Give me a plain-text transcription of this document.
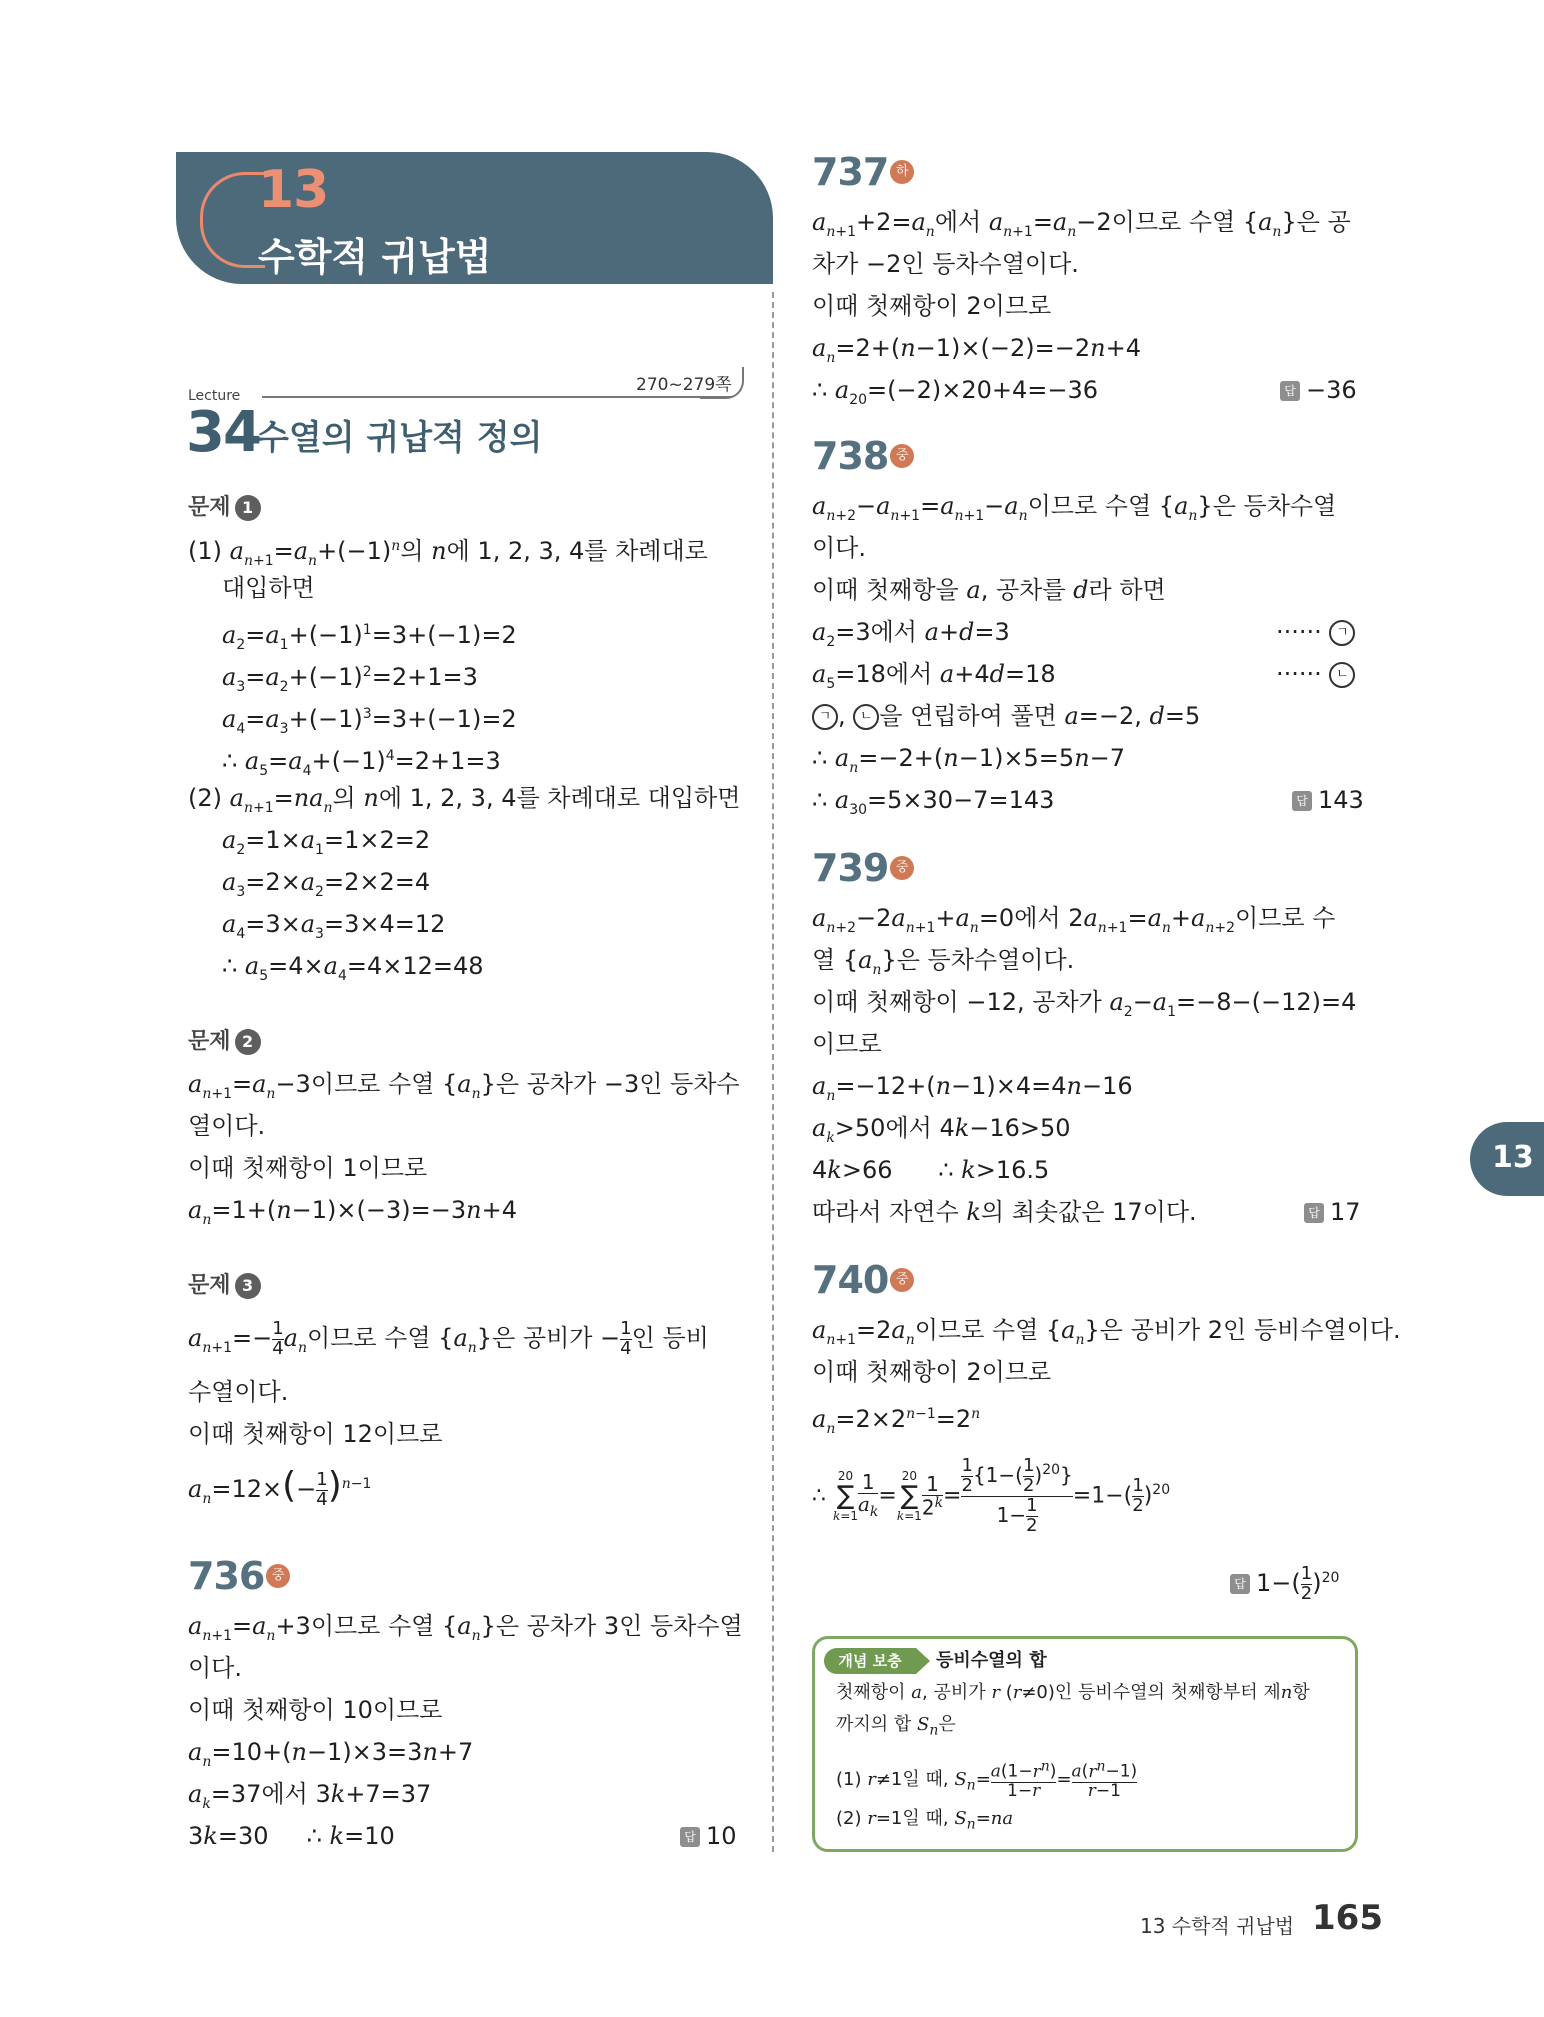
13
수학적 귀납법
Lecture
270~279쪽
34
수열의 귀납적 정의
문제 1
(1) $a_{n+1}=a_n+(-1)^n$의 n에 1, 2, 3, 4를 차례대로
대입하면
$a_2=a_1+(-1)^1=3+(-1)=2$
$a_3=a_2+(-1)^2=2+1=3$
$a_4=a_3+(-1)^3=3+(-1)=2$
∴ $a_5=a_4+(-1)^4=2+1=3$
(2) $a_{n+1}=na_n$의 n에 1, 2, 3, 4를 차례대로 대입하면
$a_2=1\times a_1=1\times 2=2$
$a_3=2\times a_2=2\times 2=4$
$a_4=3\times a_3=3\times 4=12$
∴ $a_5=4\times a_4=4\times 12=48$
문제 2
$a_{n+1}=a_n-3$이므로 수열 $\{a_n\}$은 공차가 −3인 등차수
열이다.
이때 첫째항이 1이므로
$a_n=1+(n-1)\times(-3)=-3n+4$
문제 3
$a_{n+1}=- \frac{1}{4} a_n$이므로 수열 $\{a_n\}$은 공비가 − $\frac{1}{4}$ 인 등비
수열이다.
이때 첫째항이 12이므로
$a_n=12\times(- \frac{1}{4} )^{n-1}$
736 중
$a_{n+1}=a_n+3$이므로 수열 $\{a_n\}$은 공차가 3인 등차수열
이다.
이때 첫째항이 10이므로
$a_n=10+(n-1)\times 3=3n+7$
$a_k=37$에서 3k+7=37
3k=30     ∴ k=10	답 10
737 하
$a_{n+1}+2=a_n$에서 $a_{n+1}=a_n-2$이므로 수열 $\{a_n\}$은 공
차가 −2인 등차수열이다.
이때 첫째항이 2이므로
$a_n=2+(n-1)\times(-2)=-2n+4$
∴ $a_{20}=(-2)\times 20+4=-36$	답 −36
738 중
$a_{n+2}-a_{n+1}=a_{n+1}-a_n$이므로 수열 $\{a_n\}$은 등차수열
이다.
이때 첫째항을 a, 공차를 d라 하면
$a_2=3$에서 a+d=3	······ ㄱ
$a_5=18$에서 a+4d=18	······ ㄴ
ㄱ , ㄴ 을 연립하여 풀면 a=−2, d=5
∴ $a_n=-2+(n-1)\times 5=5n-7$
∴ $a_{30}=5\times 30-7=143$	답 143
739 중
$a_{n+2}-2a_{n+1}+a_n=0$에서 $2a_{n+1}=a_n+a_{n+2}$이므로 수
열 $\{a_n\}$은 등차수열이다.
이때 첫째항이 −12, 공차가 $a_2-a_1=-8-(-12)=4$
이므로
$a_n=-12+(n-1)\times 4=4n-16$
$a_k>50$에서 4k−16>50
4k>66      ∴ k>16.5
따라서 자연수 k의 최솟값은 17이다.	답 17
740 중
$a_{n+1}=2a_n$이므로 수열 $\{a_n\}$은 공비가 2인 등비수열이다.
이때 첫째항이 2이므로
$a_n=2\times 2^{n-1}=2^n$
∴
20
∑
$k=1 \frac{1}{a_k}$ =
20
∑
$k=1 \frac{1}{2^k} = \frac{\frac{1}{2} \{1-( \frac{1}{2} )^{20}\}}{1- \frac{1}{2}} =1-( \frac{1}{2} )^{20}$
답 $1-( \frac{1}{2} )^{20}$
개념 보충	등비수열의 합
첫째항이 a, 공비가 r (r≠0)인 등비수열의 첫째항부터 제n항
까지의 합 $S_n$은
(1) r≠1일 때, $S_n= \frac{a(1-r^n)}{1-r} = \frac{a(r^n-1)}{r-1}$
(2) r=1일 때, $S_n=na$
13
13 수학적 귀납법 165
